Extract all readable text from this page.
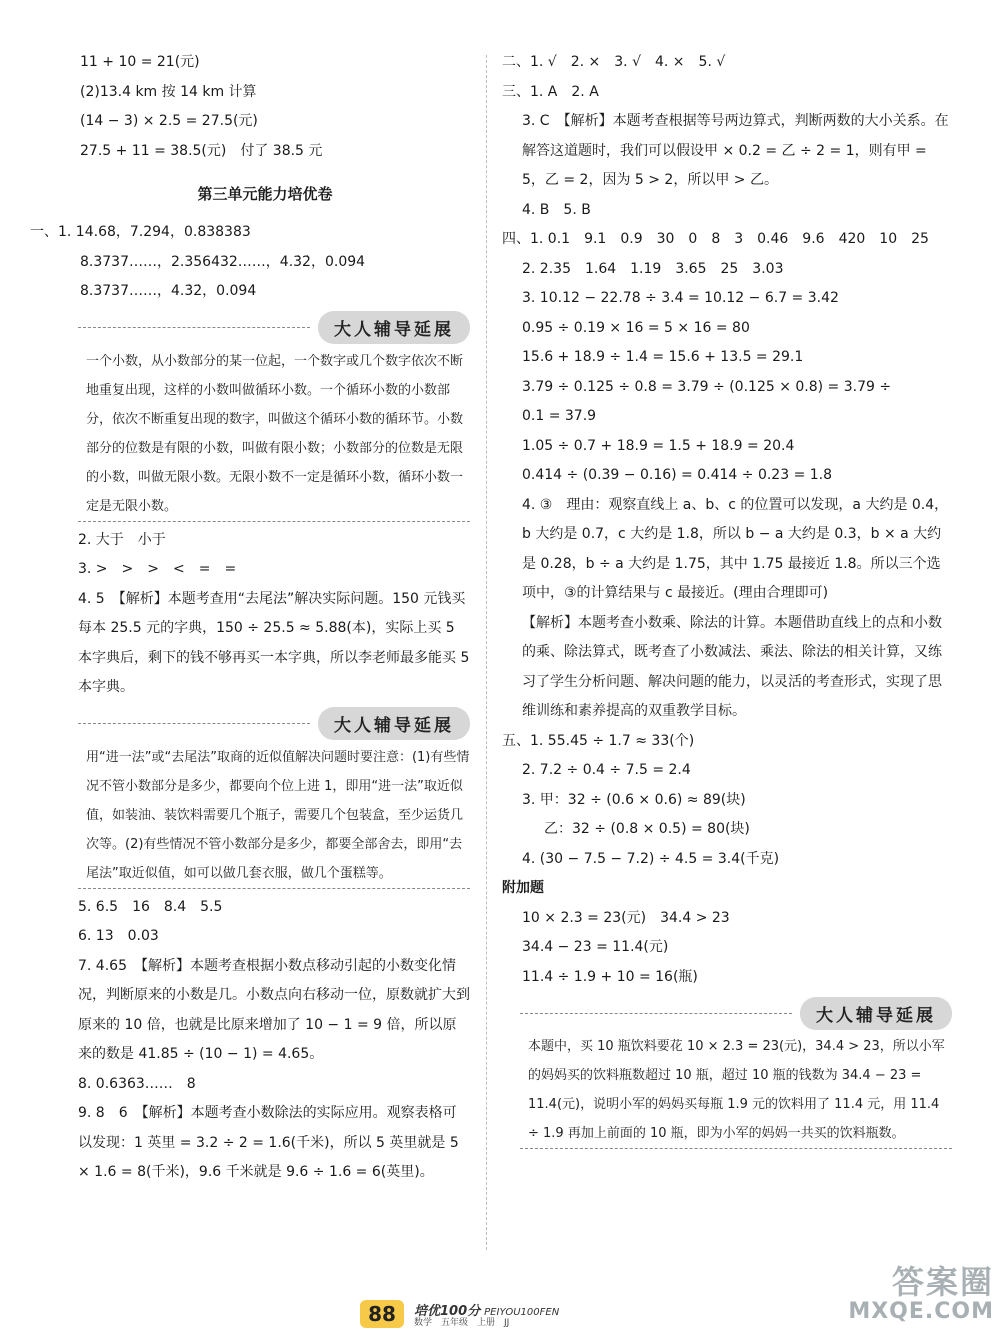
11 + 10 = 21(元)
(2)13.4 km 按 14 km 计算
(14 − 3) × 2.5 = 27.5(元)
27.5 + 11 = 38.5(元)　付了 38.5 元
第三单元能力培优卷
一、1. 14.68，7.294，0.838383
8.3737……，2.356432……，4.3̇2̇，0.09̇4̇
8.3737……，4.3̇2̇，0.09̇4̇
大人辅导延展
一个小数，从小数部分的某一位起，一个数字或几个数字依次不断地重复出现，这样的小数叫做循环小数。一个循环小数的小数部分，依次不断重复出现的数字，叫做这个循环小数的循环节。小数部分的位数是有限的小数，叫做有限小数；小数部分的位数是无限的小数，叫做无限小数。无限小数不一定是循环小数，循环小数一定是无限小数。
2. 大于　小于
3. >　>　>　<　=　=
4. 5　【解析】本题考查用“去尾法”解决实际问题。150 元钱买每本 25.5 元的字典，150 ÷ 25.5 ≈ 5.88(本)，实际上买 5 本字典后，剩下的钱不够再买一本字典，所以李老师最多能买 5 本字典。
大人辅导延展
用“进一法”或“去尾法”取商的近似值解决问题时要注意：(1)有些情况不管小数部分是多少，都要向个位上进 1，即用“进一法”取近似值，如装油、装饮料需要几个瓶子，需要几个包装盒，至少运货几次等。(2)有些情况不管小数部分是多少，都要全部舍去，即用“去尾法”取近似值，如可以做几套衣服，做几个蛋糕等。
5. 6.5　16　8.4　5.5
6. 13　0.03
7. 4.65　【解析】本题考查根据小数点移动引起的小数变化情况，判断原来的小数是几。小数点向右移动一位，原数就扩大到原来的 10 倍，也就是比原来增加了 10 − 1 = 9 倍，所以原来的数是 41.85 ÷ (10 − 1) = 4.65。
8. 0.6363……　8
9. 8　6　【解析】本题考查小数除法的实际应用。观察表格可以发现：1 英里 = 3.2 ÷ 2 = 1.6(千米)，所以 5 英里就是 5 × 1.6 = 8(千米)，9.6 千米就是 9.6 ÷ 1.6 = 6(英里)。
二、1. √　2. ×　3. √　4. ×　5. √
三、1. A　2. A
3. C　【解析】本题考查根据等号两边算式，判断两数的大小关系。在解答这道题时，我们可以假设甲 × 0.2 = 乙 ÷ 2 = 1，则有甲 = 5，乙 = 2，因为 5 > 2，所以甲 > 乙。
4. B　5. B
四、1. 0.1　9.1　0.9　30　0　8　3　0.46　9.6　420　10　25
2. 2.35　1.64　1.19　3.65　25　3.03
3. 10.12 − 22.78 ÷ 3.4 = 10.12 − 6.7 = 3.42
0.95 ÷ 0.19 × 16 = 5 × 16 = 80
15.6 + 18.9 ÷ 1.4 = 15.6 + 13.5 = 29.1
3.79 ÷ 0.125 ÷ 0.8 = 3.79 ÷ (0.125 × 0.8) = 3.79 ÷
0.1 = 37.9
1.05 ÷ 0.7 + 18.9 = 1.5 + 18.9 = 20.4
0.414 ÷ (0.39 − 0.16) = 0.414 ÷ 0.23 = 1.8
4. ③　理由：观察直线上 a、b、c 的位置可以发现，a 大约是 0.4，b 大约是 0.7，c 大约是 1.8，所以 b − a 大约是 0.3，b × a 大约是 0.28，b ÷ a 大约是 1.75，其中 1.75 最接近 1.8。所以三个选项中，③的计算结果与 c 最接近。(理由合理即可)
【解析】本题考查小数乘、除法的计算。本题借助直线上的点和小数的乘、除法算式，既考查了小数减法、乘法、除法的相关计算，又练习了学生分析问题、解决问题的能力，以灵活的考查形式，实现了思维训练和素养提高的双重教学目标。
五、1. 55.45 ÷ 1.7 ≈ 33(个)
2. 7.2 ÷ 0.4 ÷ 7.5 = 2.4
3. 甲：32 ÷ (0.6 × 0.6) ≈ 89(块)
乙：32 ÷ (0.8 × 0.5) = 80(块)
4. (30 − 7.5 − 7.2) ÷ 4.5 = 3.4(千克)
附加题
10 × 2.3 = 23(元)　34.4 > 23
34.4 − 23 = 11.4(元)
11.4 ÷ 1.9 + 10 = 16(瓶)
大人辅导延展
本题中，买 10 瓶饮料要花 10 × 2.3 = 23(元)，34.4 > 23，所以小军的妈妈买的饮料瓶数超过 10 瓶，超过 10 瓶的钱数为 34.4 − 23 = 11.4(元)，说明小军的妈妈买每瓶 1.9 元的饮料用了 11.4 元，用 11.4 ÷ 1.9 再加上前面的 10 瓶，即为小军的妈妈一共买的饮料瓶数。
88	培优100分 PEIYOU100FEN
数学　五年级　上册　JJ
答案圈
MXQE.COM
